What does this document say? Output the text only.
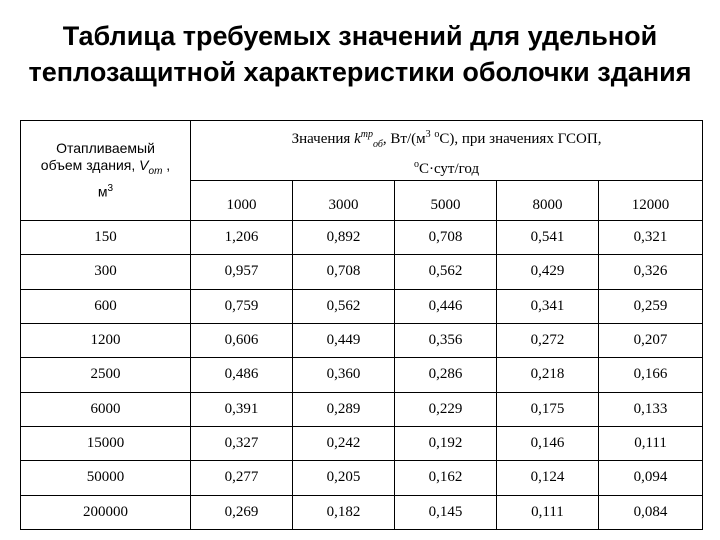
Таблица требуемых значений для удельной
теплозащитной характеристики оболочки здания
Отапливаемый
объем здания, $V_{от}$ ,
$м^3$	Значения $k^{тр}_{об}$, $Вт/(м^3$ $^о$С), при значениях ГСОП,
$^о$С·сут/год				
	1000	3000	5000	8000	12000
150	1,206	0,892	0,708	0,541	0,321
300	0,957	0,708	0,562	0,429	0,326
600	0,759	0,562	0,446	0,341	0,259
1200	0,606	0,449	0,356	0,272	0,207
2500	0,486	0,360	0,286	0,218	0,166
6000	0,391	0,289	0,229	0,175	0,133
15000	0,327	0,242	0,192	0,146	0,111
50000	0,277	0,205	0,162	0,124	0,094
200000	0,269	0,182	0,145	0,111	0,084
